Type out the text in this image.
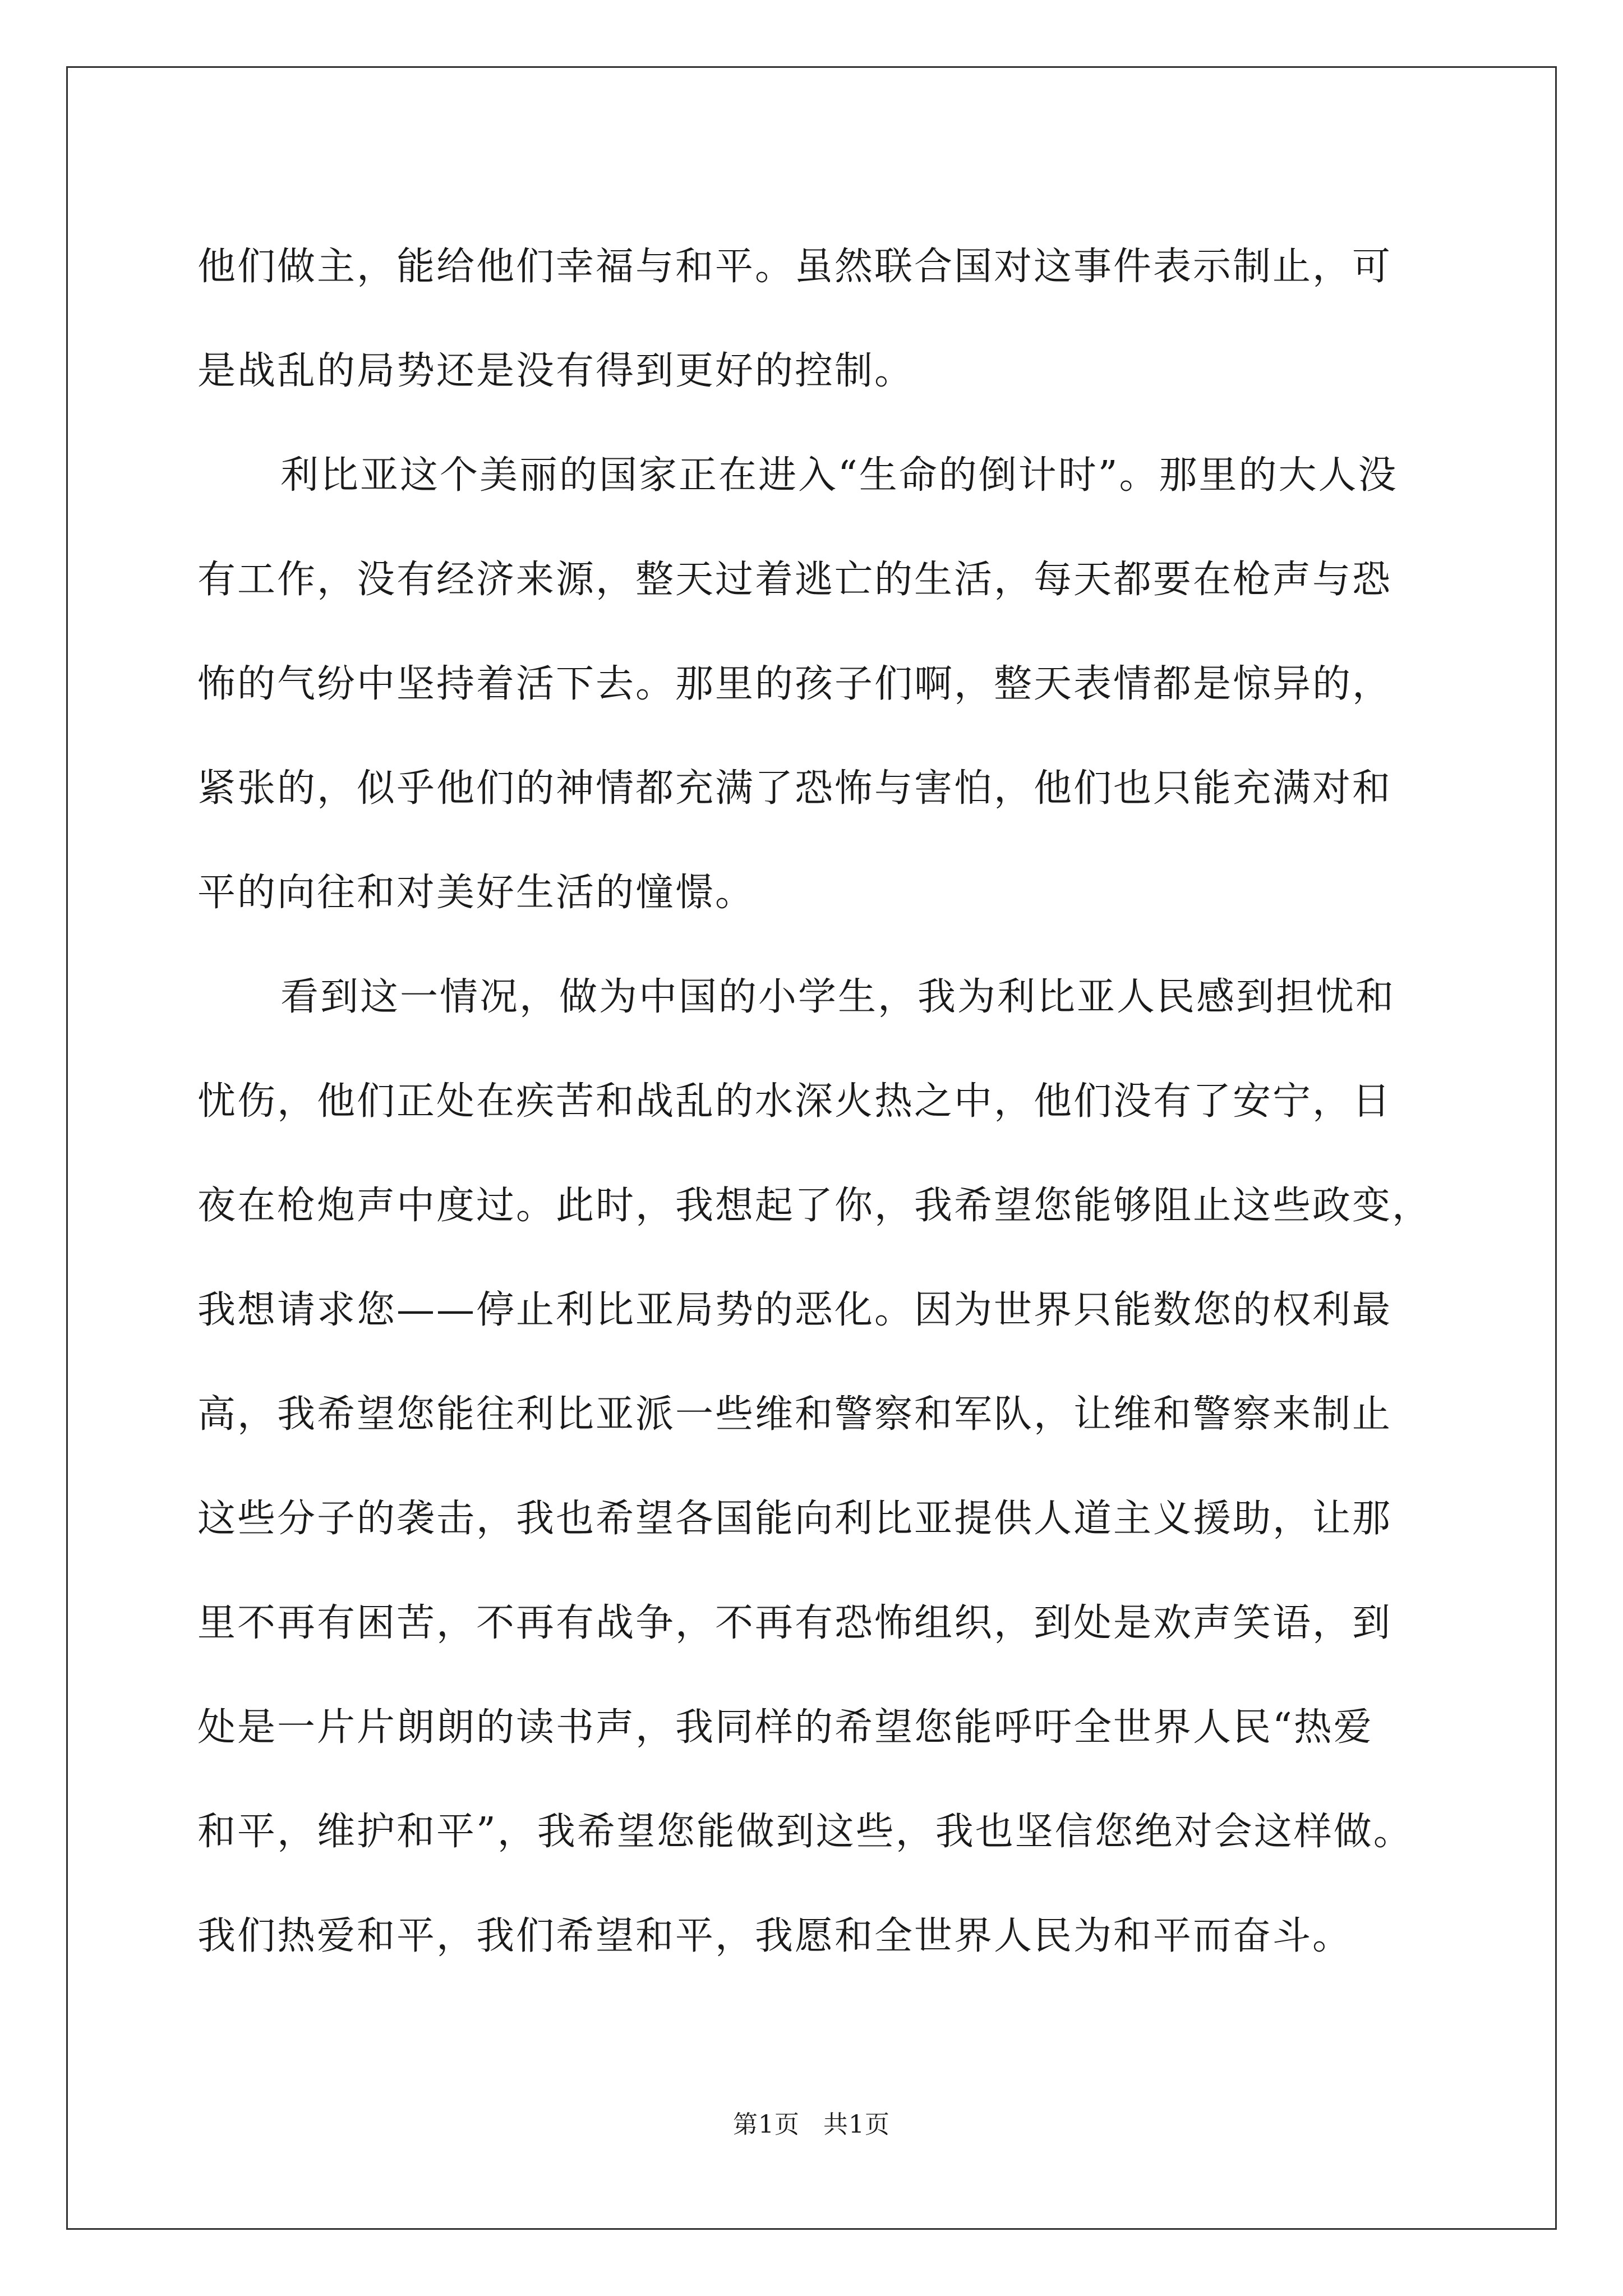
他们做主，能给他们幸福与和平。虽然联合国对这事件表示制止，可
是战乱的局势还是没有得到更好的控制。
利比亚这个美丽的国家正在进入“生命的倒计时”。那里的大人没
有工作，没有经济来源，整天过着逃亡的生活，每天都要在枪声与恐
怖的气纷中坚持着活下去。那里的孩子们啊，整天表情都是惊异的，
紧张的，似乎他们的神情都充满了恐怖与害怕，他们也只能充满对和
平的向往和对美好生活的憧憬。
看到这一情况，做为中国的小学生，我为利比亚人民感到担忧和
忧伤，他们正处在疾苦和战乱的水深火热之中，他们没有了安宁，日
夜在枪炮声中度过。此时，我想起了你，我希望您能够阻止这些政变，
我想请求您——停止利比亚局势的恶化。因为世界只能数您的权利最
高，我希望您能往利比亚派一些维和警察和军队，让维和警察来制止
这些分子的袭击，我也希望各国能向利比亚提供人道主义援助，让那
里不再有困苦，不再有战争，不再有恐怖组织，到处是欢声笑语，到
处是一片片朗朗的读书声，我同样的希望您能呼吁全世界人民“热爱
和平，维护和平”，我希望您能做到这些，我也坚信您绝对会这样做。
我们热爱和平，我们希望和平，我愿和全世界人民为和平而奋斗。
第1页 共1页
